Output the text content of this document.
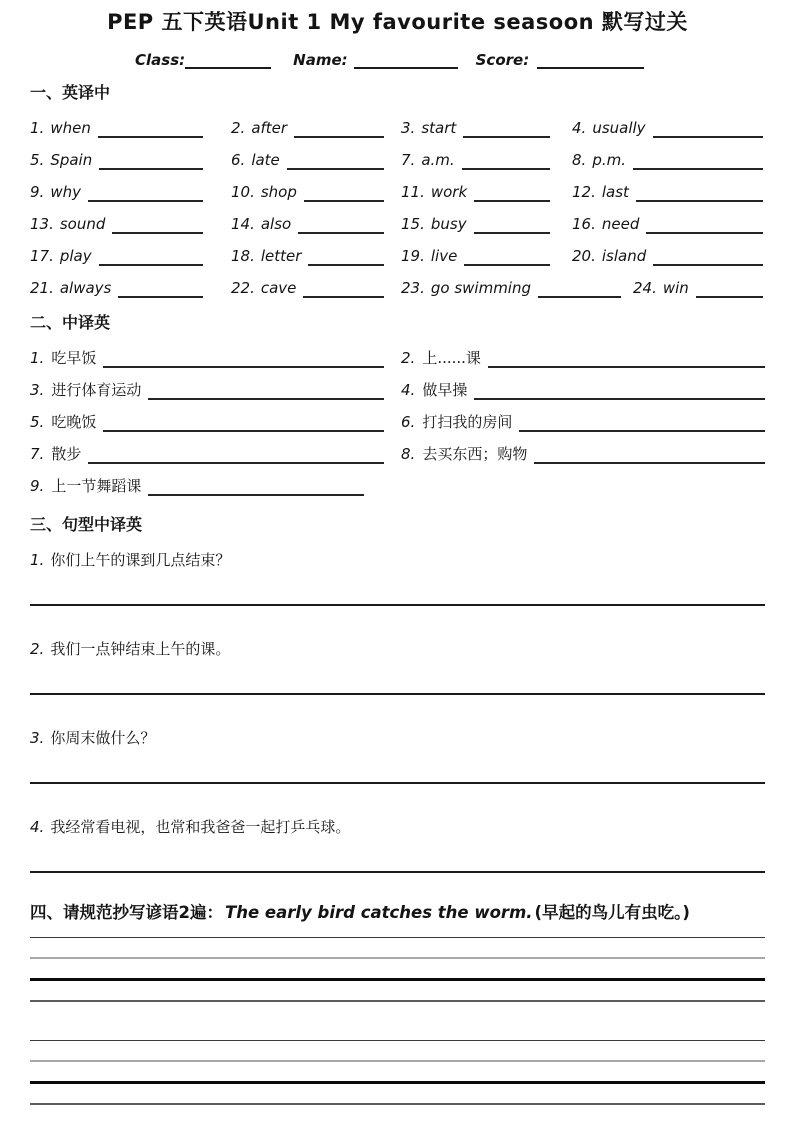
PEP 五下英语Unit 1 My favourite seasoon 默写过关
Class:	Name:	Score:
一、英译中
1. when	2. after	3. start	4. usually
5. Spain	6. late	7. a.m.	8. p.m.
9. why	10. shop	11. work	12. last
13. sound	14. also	15. busy	16. need
17. play	18. letter	19. live	20. island
21. always	22. cave	23. go swimming	24. win
二、中译英
1. 吃早饭	2. 上......课
3. 进行体育运动	4. 做早操
5. 吃晚饭	6. 打扫我的房间
7. 散步	8. 去买东西；购物
9. 上一节舞蹈课
三、句型中译英

1. 你们上午的课到几点结束？

2. 我们一点钟结束上午的课。

3. 你周末做什么？

4. 我经常看电视，也常和我爸爸一起打乒乓球。

四、请规范抄写谚语2遍： The early bird catches the worm. (早起的鸟儿有虫吃。)
